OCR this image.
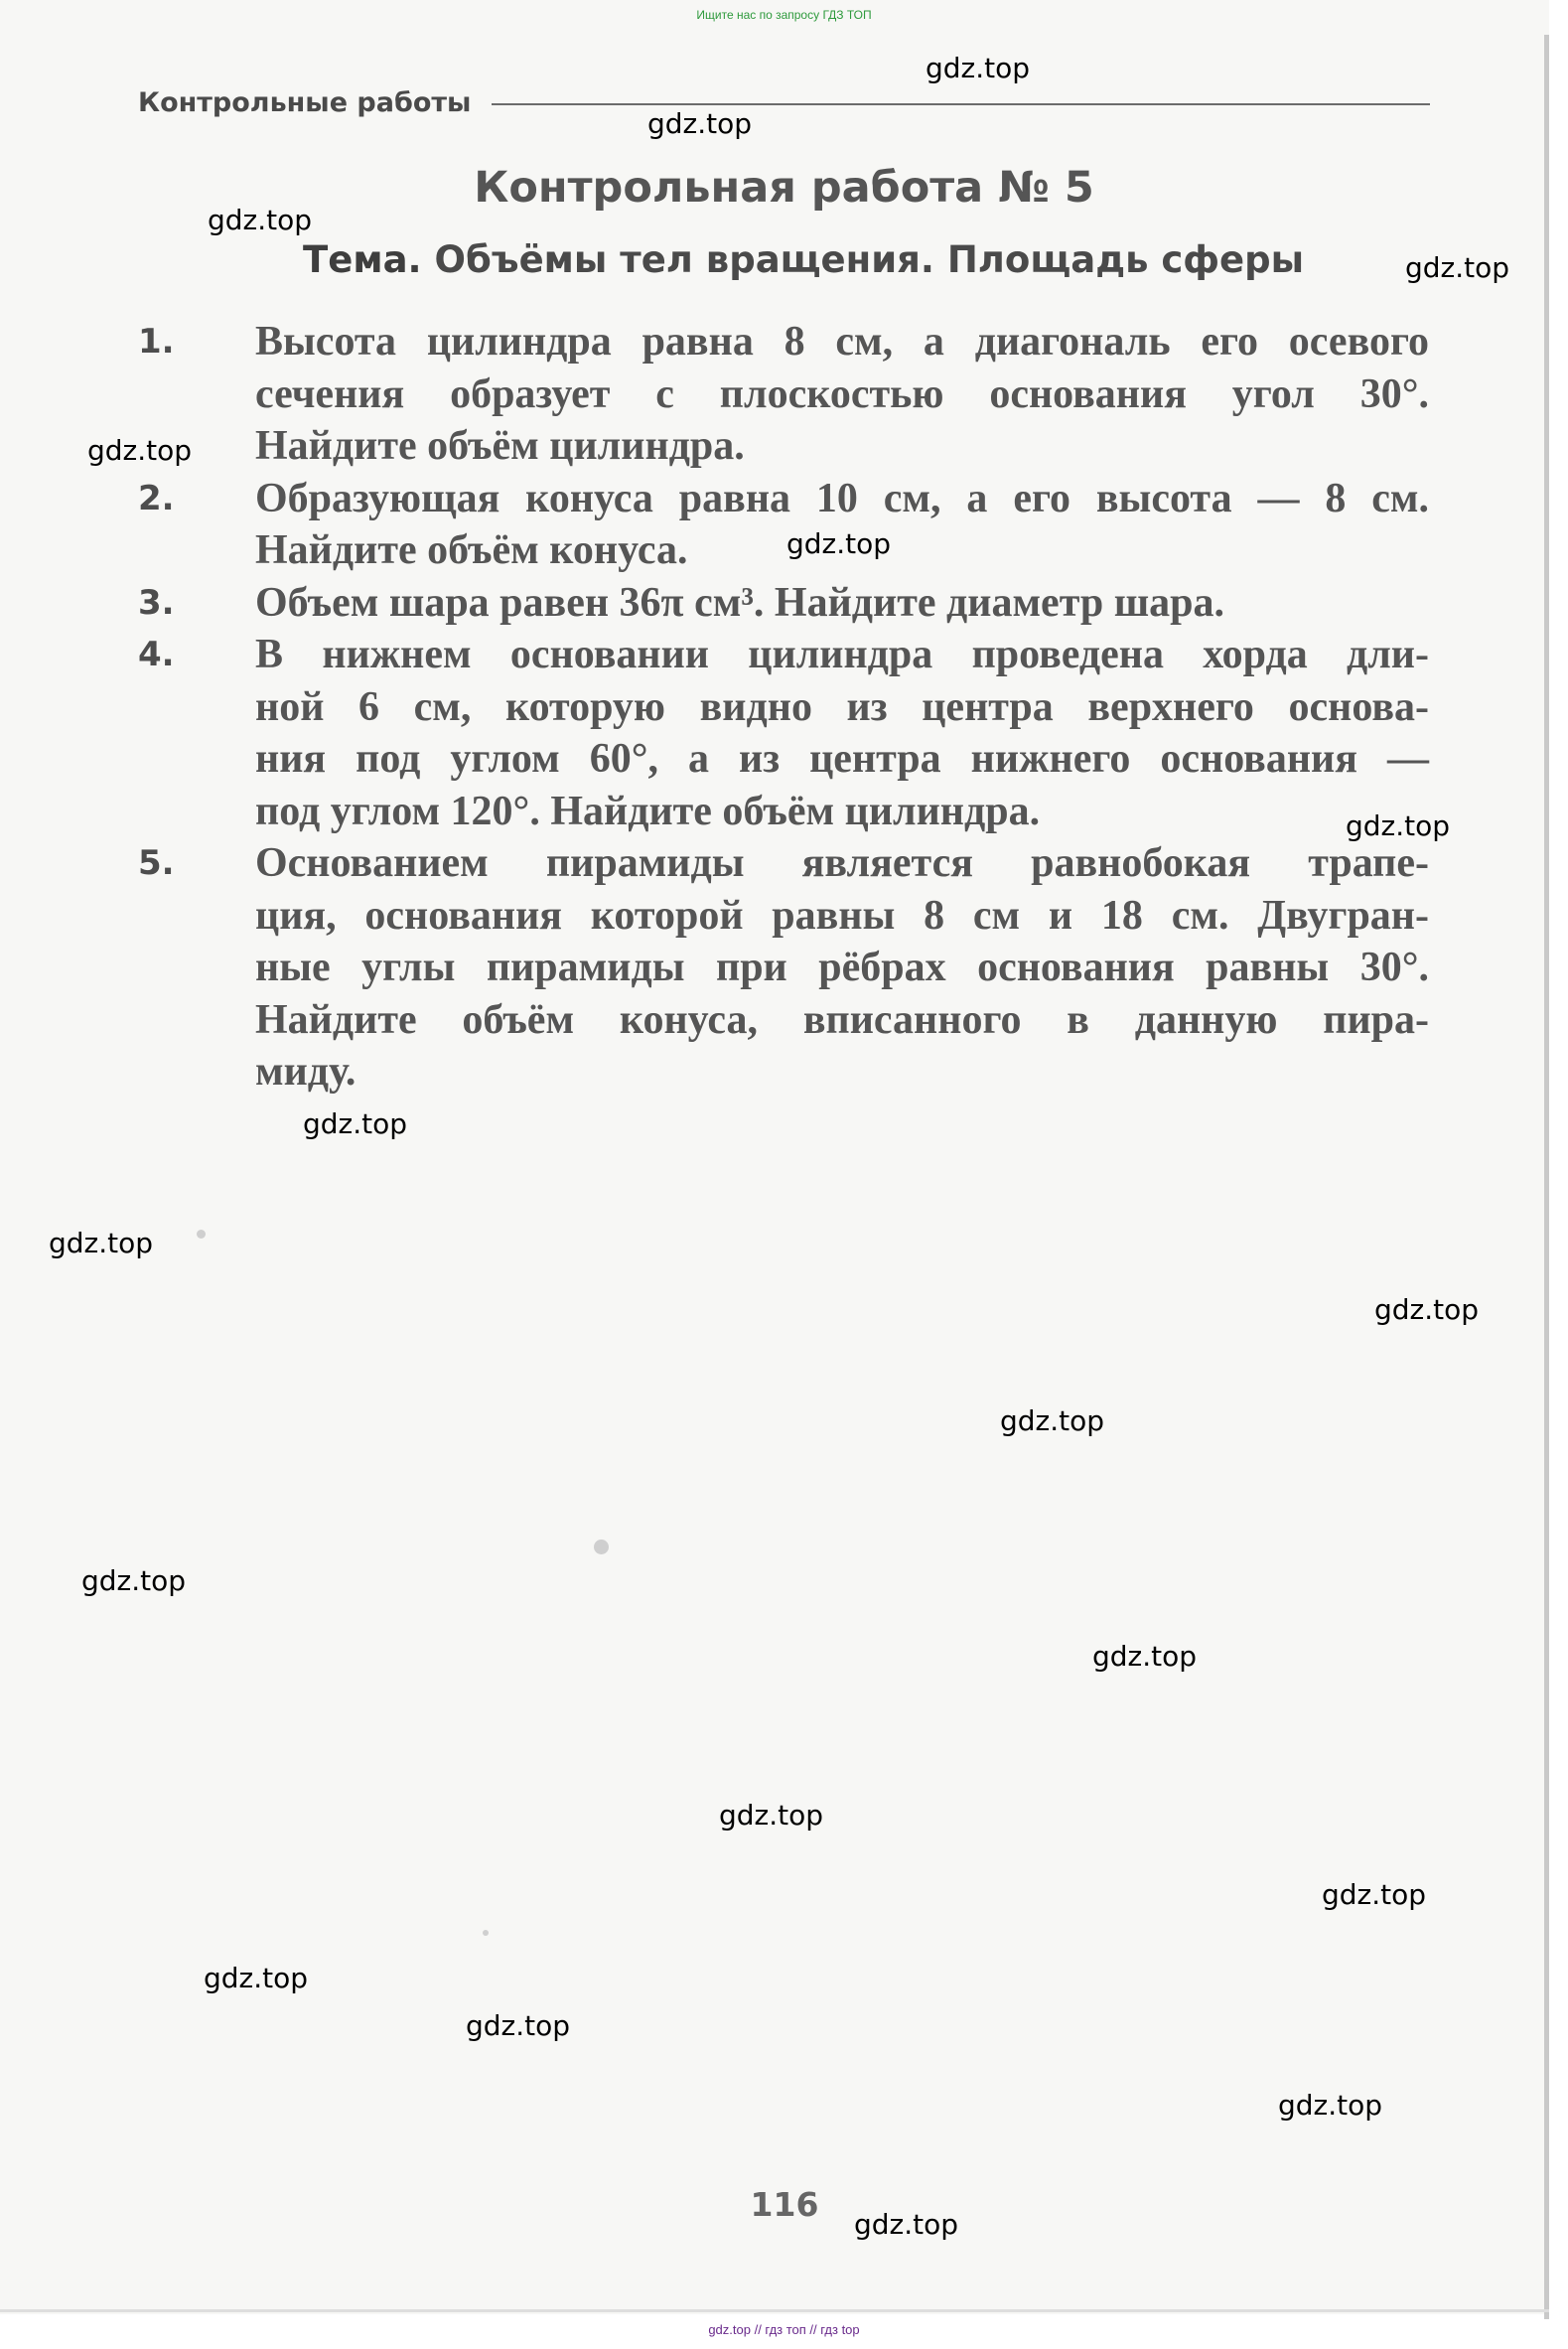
Ищите нас по запросу ГДЗ ТОП
Контрольные работы
Контрольная работа № 5
Тема. Объёмы тел вращения. Площадь сферы
1. Высота цилиндра равна 8 см, а диагональ его осевого
сечения образует с плоскостью основания угол 30°.
Найдите объём цилиндра.
2. Образующая конуса равна 10 см, а его высота — 8 см.
Найдите объём конуса.
3. Объем шара равен 36π см³. Найдите диаметр шара.
4. В нижнем основании цилиндра проведена хорда дли-
ной 6 см, которую видно из центра верхнего основа-
ния под углом 60°, а из центра нижнего основания —
под углом 120°. Найдите объём цилиндра.
5. Основанием пирамиды является равнобокая трапе-
ция, основания которой равны 8 см и 18 см. Двугран-
ные углы пирамиды при рёбрах основания равны 30°.
Найдите объём конуса, вписанного в данную пира-
миду.
116
gdz.top
gdz.top
gdz.top
gdz.top
gdz.top
gdz.top
gdz.top
gdz.top
gdz.top
gdz.top
gdz.top
gdz.top
gdz.top
gdz.top
gdz.top
gdz.top
gdz.top
gdz.top
gdz.top
gdz.top // гдз топ // гдз top
